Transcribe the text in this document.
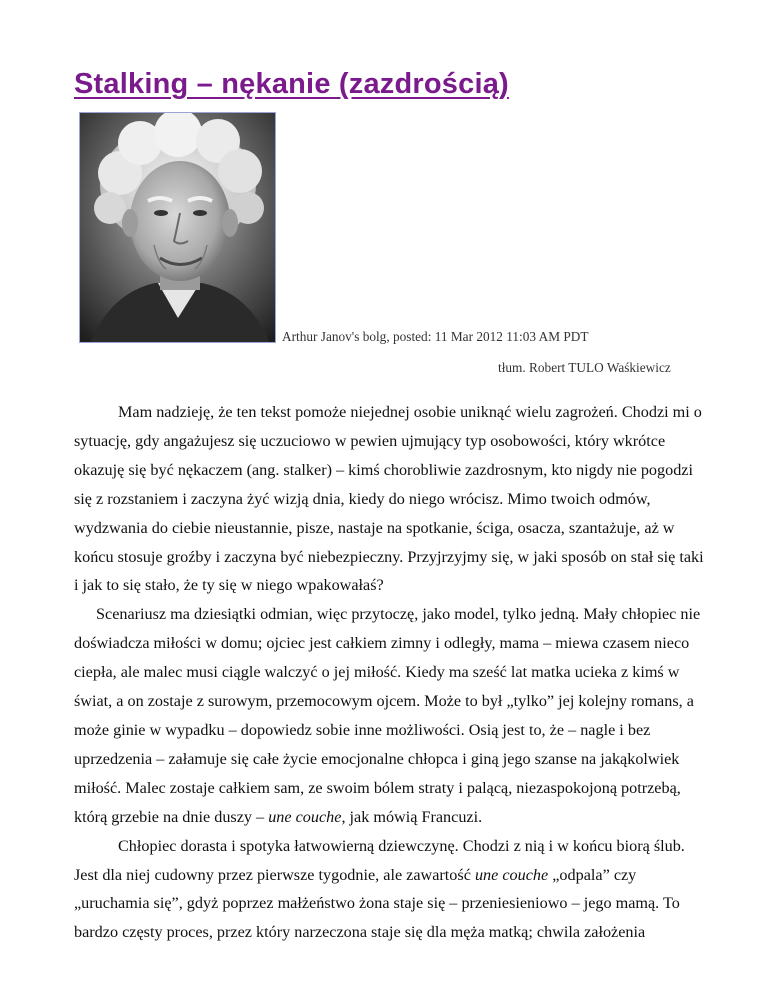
Stalking – nękanie (zazdrością)
Arthur Janov's bolg, posted: 11 Mar 2012 11:03 AM PDT
tłum. Robert TULO Waśkiewicz

Mam nadzieję, że ten tekst pomoże niejednej osobie uniknąć wielu zagrożeń. Chodzi mi o sytuację, gdy angażujesz się uczuciowo w pewien ujmujący typ osobowości, który wkrótce okazuję się być nękaczem (ang. stalker) – kimś chorobliwie zazdrosnym, kto nigdy nie pogodzi się z rozstaniem i zaczyna żyć wizją dnia, kiedy do niego wrócisz. Mimo twoich odmów, wydzwania do ciebie nieustannie, pisze, nastaje na spotkanie, ściga, osacza, szantażuje, aż w końcu stosuje groźby i zaczyna być niebezpieczny. Przyjrzyjmy się, w jaki sposób on stał się taki i jak to się stało, że ty się w niego wpakowałaś?

Scenariusz ma dziesiątki odmian, więc przytoczę, jako model, tylko jedną. Mały chłopiec nie doświadcza miłości w domu; ojciec jest całkiem zimny i odległy, mama – miewa czasem nieco ciepła, ale malec musi ciągle walczyć o jej miłość. Kiedy ma sześć lat matka ucieka z kimś w świat, a on zostaje z surowym, przemocowym ojcem. Może to był „tylko” jej kolejny romans, a może ginie w wypadku – dopowiedz sobie inne możliwości. Osią jest to, że – nagle i bez uprzedzenia – załamuje się całe życie emocjonalne chłopca i giną jego szanse na jakąkolwiek miłość. Malec zostaje całkiem sam, ze swoim bólem straty i palącą, niezaspokojoną potrzebą, którą grzebie na dnie duszy – une couche, jak mówią Francuzi.

Chłopiec dorasta i spotyka łatwowierną dziewczynę. Chodzi z nią i w końcu biorą ślub. Jest dla niej cudowny przez pierwsze tygodnie, ale zawartość une couche „odpala” czy „uruchamia się”, gdyż poprzez małżeństwo żona staje się – przeniesieniowo – jego mamą. To bardzo częsty proces, przez który narzeczona staje się dla męża matką; chwila założenia
